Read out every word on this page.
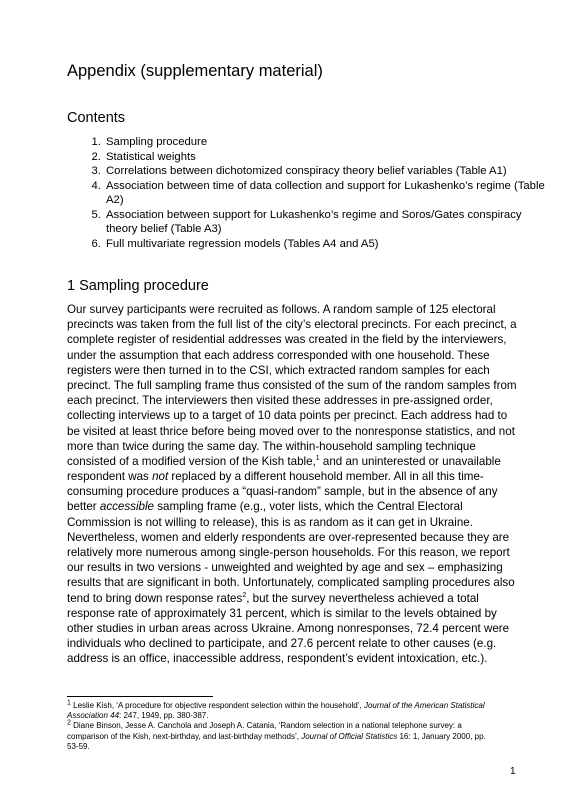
Appendix (supplementary material)
Contents
1. Sampling procedure
2. Statistical weights
3. Correlations between dichotomized conspiracy theory belief variables (Table A1)
4. Association between time of data collection and support for Lukashenko’s regime (Table A2)
5. Association between support for Lukashenko’s regime and Soros/Gates conspiracy theory belief (Table A3)
6. Full multivariate regression models (Tables A4 and A5)
1 Sampling procedure
Our survey participants were recruited as follows. A random sample of 125 electoral
precincts was taken from the full list of the city’s electoral precincts. For each precinct, a
complete register of residential addresses was created in the field by the interviewers,
under the assumption that each address corresponded with one household. These
registers were then turned in to the CSI, which extracted random samples for each
precinct. The full sampling frame thus consisted of the sum of the random samples from
each precinct. The interviewers then visited these addresses in pre-assigned order,
collecting interviews up to a target of 10 data points per precinct. Each address had to
be visited at least thrice before being moved over to the nonresponse statistics, and not
more than twice during the same day. The within-household sampling technique
consisted of a modified version of the Kish table,$^1$ and an uninterested or unavailable
respondent was not replaced by a different household member. All in all this time-
consuming procedure produces a “quasi-random” sample, but in the absence of any
better accessible sampling frame (e.g., voter lists, which the Central Electoral
Commission is not willing to release), this is as random as it can get in Ukraine.
Nevertheless, women and elderly respondents are over-represented because they are
relatively more numerous among single-person households. For this reason, we report
our results in two versions - unweighted and weighted by age and sex – emphasizing
results that are significant in both. Unfortunately, complicated sampling procedures also
tend to bring down response rates$^2$, but the survey nevertheless achieved a total
response rate of approximately 31 percent, which is similar to the levels obtained by
other studies in urban areas across Ukraine. Among nonresponses, 72.4 percent were
individuals who declined to participate, and 27.6 percent relate to other causes (e.g.
address is an office, inaccessible address, respondent’s evident intoxication, etc.).
$^1$ Leslie Kish, ‘A procedure for objective respondent selection within the household’, Journal of the American Statistical
Association 44: 247, 1949, pp. 380-387.
$^2$ Diane Binson, Jesse A. Canchola and Joseph A. Catania, ‘Random selection in a national telephone survey: a
comparison of the Kish, next-birthday, and last-birthday methods’, Journal of Official Statistics 16: 1, January 2000, pp.
53-59.
1
